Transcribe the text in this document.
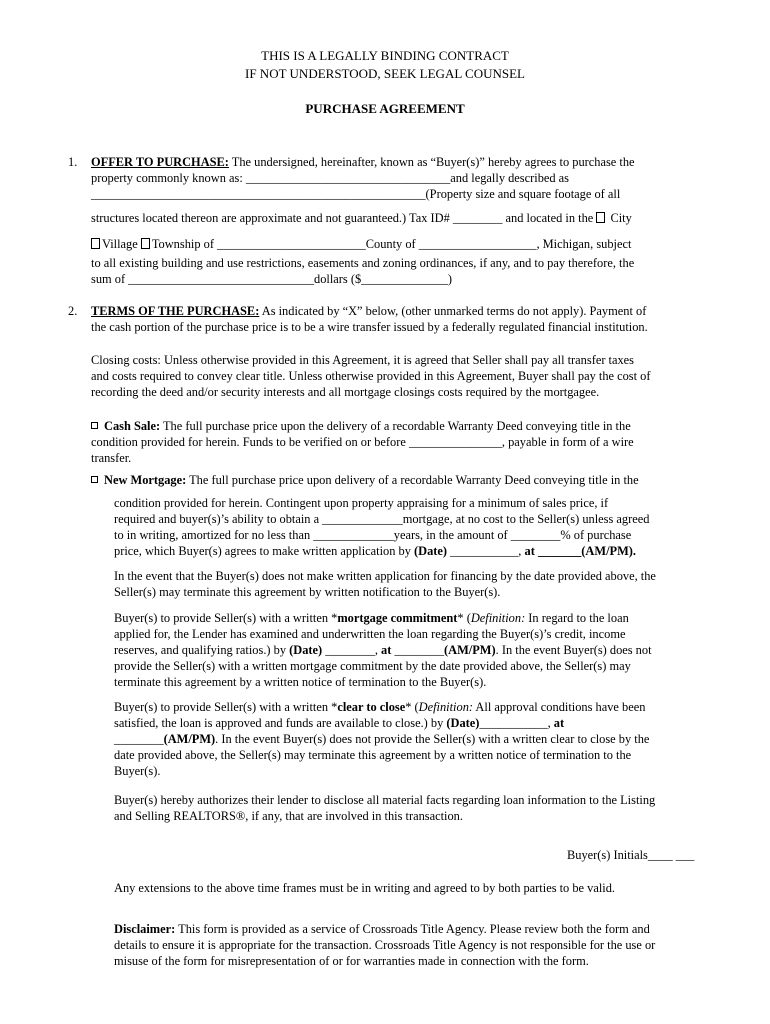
THIS IS A LEGALLY BINDING CONTRACT
IF NOT UNDERSTOOD, SEEK LEGAL COUNSEL
PURCHASE AGREEMENT
1. OFFER TO PURCHASE: The undersigned, hereinafter, known as “Buyer(s)” hereby agrees to purchase the
property commonly known as: _________________________________and legally described as
______________________________________________________(Property size and square footage of all
structures located thereon are approximate and not guaranteed.) Tax ID# ________ and located in the  City
Village Township of ________________________County of ___________________, Michigan, subject
to all existing building and use restrictions, easements and zoning ordinances, if any, and to pay therefore, the
sum of ______________________________dollars ($______________)
2. TERMS OF THE PURCHASE: As indicated by “X” below, (other unmarked terms do not apply). Payment of
the cash portion of the purchase price is to be a wire transfer issued by a federally regulated financial institution.
Closing costs: Unless otherwise provided in this Agreement, it is agreed that Seller shall pay all transfer taxes
and costs required to convey clear title. Unless otherwise provided in this Agreement, Buyer shall pay the cost of
recording the deed and/or security interests and all mortgage closings costs required by the mortgagee.
Cash Sale: The full purchase price upon the delivery of a recordable Warranty Deed conveying title in the
condition provided for herein. Funds to be verified on or before _______________, payable in form of a wire
transfer.
New Mortgage: The full purchase price upon delivery of a recordable Warranty Deed conveying title in the
condition provided for herein. Contingent upon property appraising for a minimum of sales price, if
required and buyer(s)’s ability to obtain a _____________mortgage, at no cost to the Seller(s) unless agreed
to in writing, amortized for no less than _____________years, in the amount of ________% of purchase
price, which Buyer(s) agrees to make written application by (Date) ___________, at _______(AM/PM).
In the event that the Buyer(s) does not make written application for financing by the date provided above, the
Seller(s) may terminate this agreement by written notification to the Buyer(s).
Buyer(s) to provide Seller(s) with a written *mortgage commitment* (Definition: In regard to the loan
applied for, the Lender has examined and underwritten the loan regarding the Buyer(s)’s credit, income
reserves, and qualifying ratios.) by (Date) ________, at ________(AM/PM). In the event Buyer(s) does not
provide the Seller(s) with a written mortgage commitment by the date provided above, the Seller(s) may
terminate this agreement by a written notice of termination to the Buyer(s).
Buyer(s) to provide Seller(s) with a written *clear to close* (Definition: All approval conditions have been
satisfied, the loan is approved and funds are available to close.) by (Date)___________, at
________(AM/PM). In the event Buyer(s) does not provide the Seller(s) with a written clear to close by the
date provided above, the Seller(s) may terminate this agreement by a written notice of termination to the
Buyer(s).
Buyer(s) hereby authorizes their lender to disclose all material facts regarding loan information to the Listing
and Selling REALTORS®, if any, that are involved in this transaction.
Buyer(s) Initials____ ___
Any extensions to the above time frames must be in writing and agreed to by both parties to be valid.
Disclaimer: This form is provided as a service of Crossroads Title Agency. Please review both the form and
details to ensure it is appropriate for the transaction. Crossroads Title Agency is not responsible for the use or
misuse of the form for misrepresentation of or for warranties made in connection with the form.
